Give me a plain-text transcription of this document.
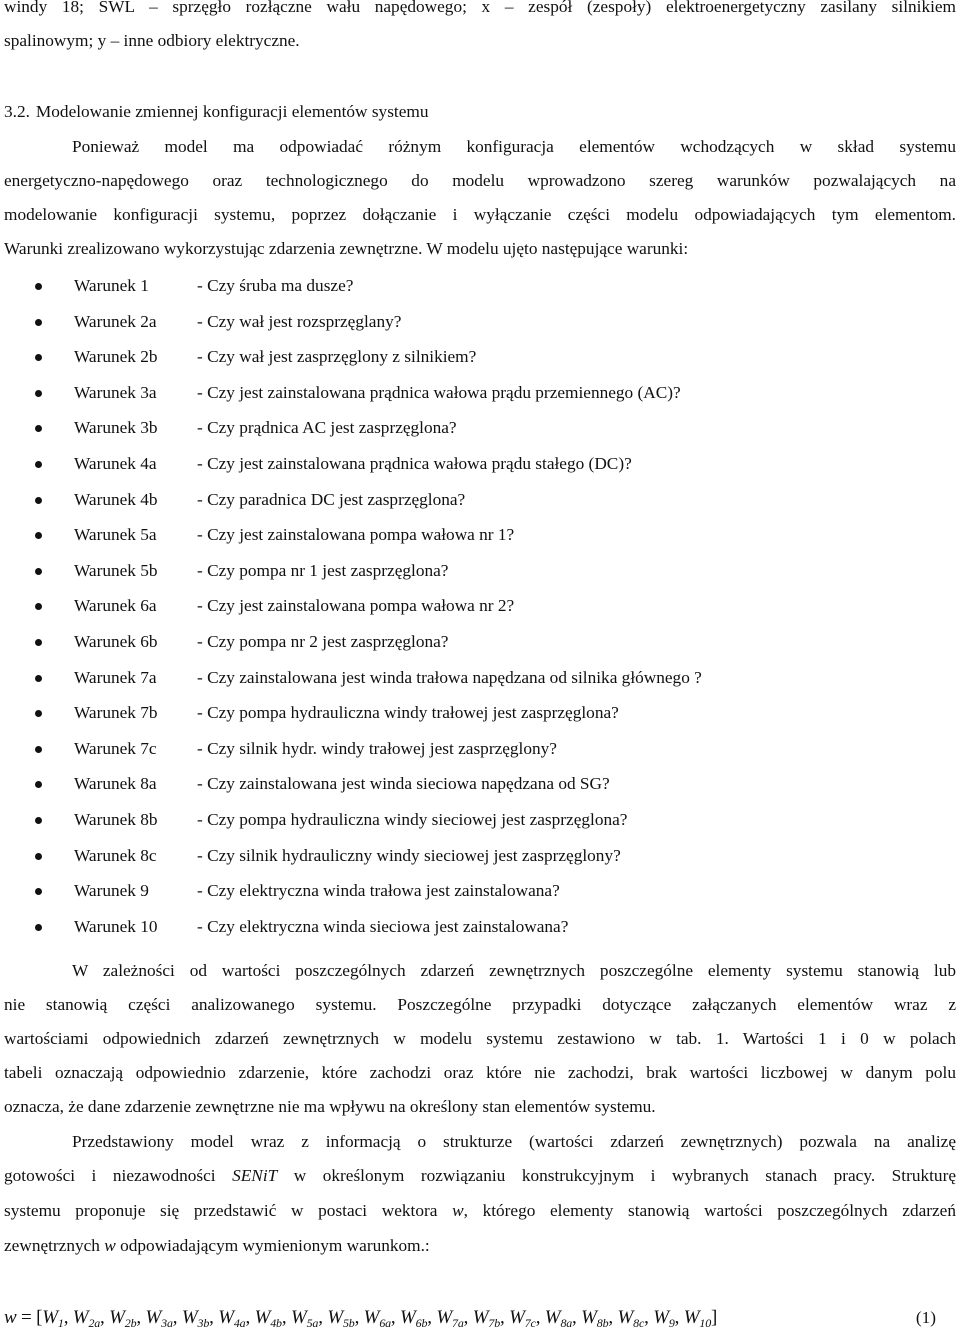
windy 18; SWL – sprzęgło rozłączne wału napędowego; x – zespół (zespoły) elektroenergetyczny zasilany silnikiem
spalinowym; y – inne odbiory elektryczne.
3.2. Modelowanie zmiennej konfiguracji elementów systemu
Ponieważ model ma odpowiadać różnym konfiguracja elementów wchodzących w skład systemu
energetyczno-napędowego oraz technologicznego do modelu wprowadzono szereg warunków pozwalających na
modelowanie konfiguracji systemu, poprzez dołączanie i wyłączanie części modelu odpowiadających tym elementom.
Warunki zrealizowano wykorzystując zdarzenia zewnętrzne. W modelu ujęto następujące warunki:
Warunek 1	- Czy śruba ma dusze?
Warunek 2a - Czy wał jest rozsprzęglany?
Warunek 2b - Czy wał jest zasprzęglony z silnikiem?
Warunek 3a - Czy jest zainstalowana prądnica wałowa prądu przemiennego (AC)?
Warunek 3b - Czy prądnica AC jest zasprzęglona?
Warunek 4a - Czy jest zainstalowana prądnica wałowa prądu stałego (DC)?
Warunek 4b - Czy paradnica DC jest zasprzęglona?
Warunek 5a - Czy jest zainstalowana pompa wałowa nr 1?
Warunek 5b - Czy pompa nr 1 jest zasprzęglona?
Warunek 6a - Czy jest zainstalowana pompa wałowa nr 2?
Warunek 6b - Czy pompa nr 2 jest zasprzęglona?
Warunek 7a - Czy zainstalowana jest winda trałowa napędzana od silnika głównego ?
Warunek 7b - Czy pompa hydrauliczna windy trałowej jest zasprzęglona?
Warunek 7c - Czy silnik hydr. windy trałowej jest zasprzęglony?
Warunek 8a - Czy zainstalowana jest winda sieciowa napędzana od SG?
Warunek 8b - Czy pompa hydrauliczna windy sieciowej jest zasprzęglona?
Warunek 8c - Czy silnik hydrauliczny windy sieciowej jest zasprzęglony?
Warunek 9	- Czy elektryczna winda trałowa jest zainstalowana?
Warunek 10 - Czy elektryczna winda sieciowa jest zainstalowana?
W zależności od wartości poszczególnych zdarzeń zewnętrznych poszczególne elementy systemu stanowią lub
nie stanowią części analizowanego systemu. Poszczególne przypadki dotyczące załączanych elementów wraz z
wartościami odpowiednich zdarzeń zewnętrznych w modelu systemu zestawiono w tab. 1. Wartości 1 i 0 w polach
tabeli oznaczają odpowiednio zdarzenie, które zachodzi oraz które nie zachodzi, brak wartości liczbowej w danym polu
oznacza, że dane zdarzenie zewnętrzne nie ma wpływu na określony stan elementów systemu.
Przedstawiony model wraz z informacją o strukturze (wartości zdarzeń zewnętrznych) pozwala na analizę
gotowości i niezawodności SENiT w określonym rozwiązaniu konstrukcyjnym i wybranych stanach pracy. Strukturę
systemu proponuje się przedstawić w postaci wektora w, którego elementy stanowią wartości poszczególnych zdarzeń
zewnętrznych w odpowiadającym wymienionym warunkom.:
$w = [W_1$, $W_{2a}$, $W_{2b}$, $W_{3a}$, $W_{3b}$, $W_{4a}$, $W_{4b}$, $W_{5a}$, $W_{5b}$, $W_{6a}$, $W_{6b}$, $W_{7a}$, $W_{7b}$, $W_{7c}$, $W_{8a}$, $W_{8b}$, $W_{8c}$, $W_9$, $W_{10}$]	(1)
